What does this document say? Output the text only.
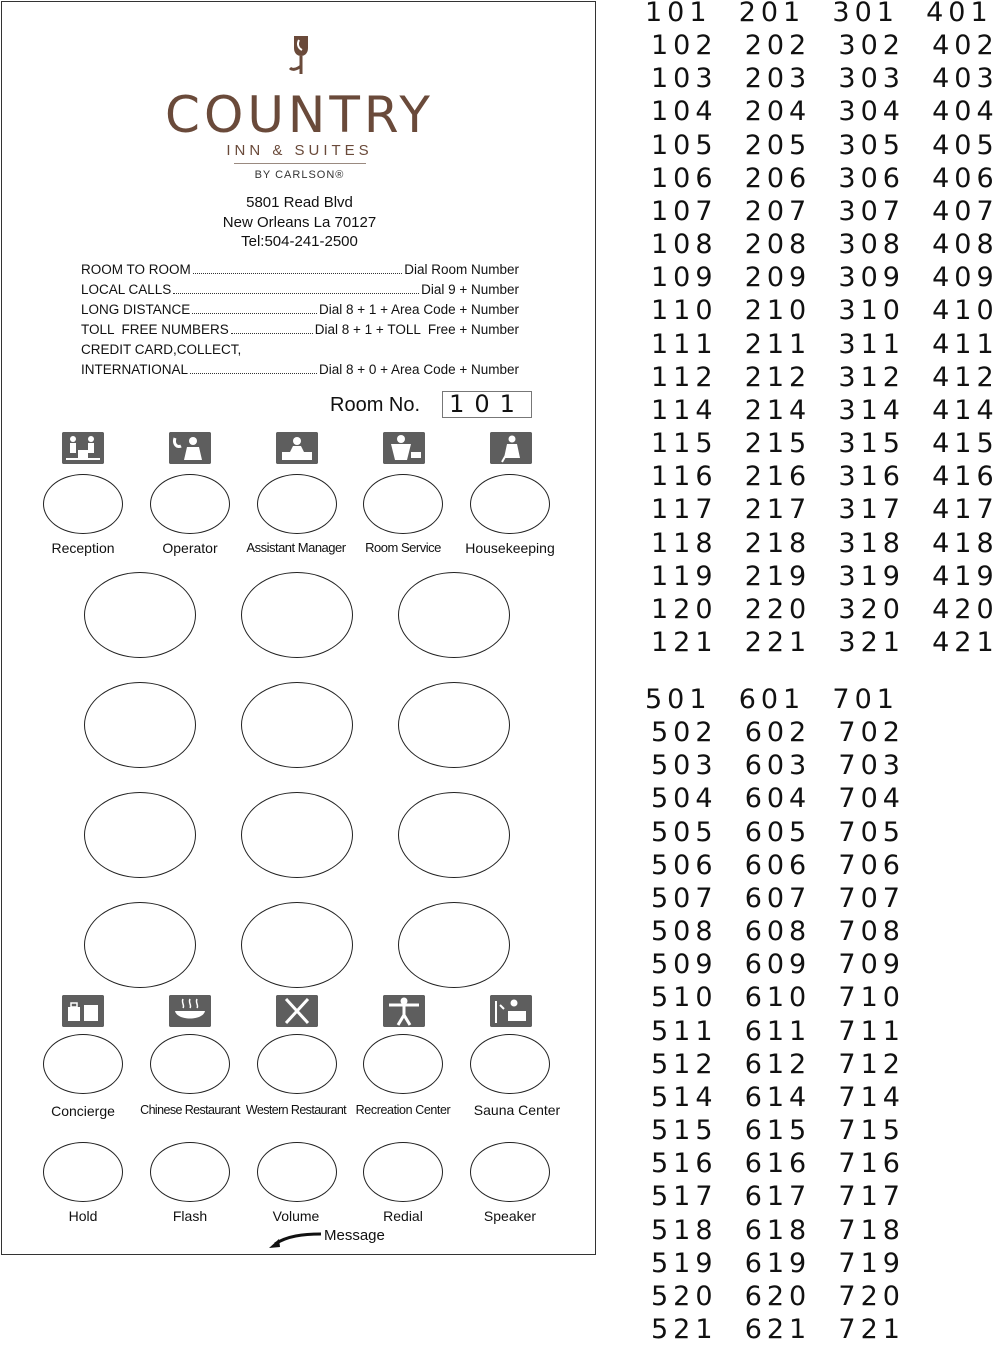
COUNTRY
INN & SUITES
BY CARLSON®
5801 Read Blvd
New Orleans La 70127
Tel:504-241-2500
ROOM TO ROOM	Dial Room Number
LOCAL CALLS	Dial 9 + Number
LONG DISTANCE	Dial 8 + 1 + Area Code + Number
TOLL  FREE NUMBERS	Dial 8 + 1 + TOLL  Free + Number
CREDIT CARD,COLLECT,
INTERNATIONAL	Dial 8 + 0 + Area Code + Number
Room No. 101
Reception	Operator	Assistant Manager	Room Service	Housekeeping
Concierge	Chinese Restaurant Western Restaurant Recreation Center	Sauna Center
Hold	Flash	Volume	Redial	Speaker
Message
101  201  301  401
102  202  302  402
103  203  303  403
104  204  304  404
105  205  305  405
106  206  306  406
107  207  307  407
108  208  308  408
109  209  309  409
110  210  310  410
111  211  311  411
112  212  312  412
114  214  314  414
115  215  315  415
116  216  316  416
117  217  317  417
118  218  318  418
119  219  319  419
120  220  320  420
121  221  321  421
501  601  701
502  602  702
503  603  703
504  604  704
505  605  705
506  606  706
507  607  707
508  608  708
509  609  709
510  610  710
511  611  711
512  612  712
514  614  714
515  615  715
516  616  716
517  617  717
518  618  718
519  619  719
520  620  720
521  621  721
